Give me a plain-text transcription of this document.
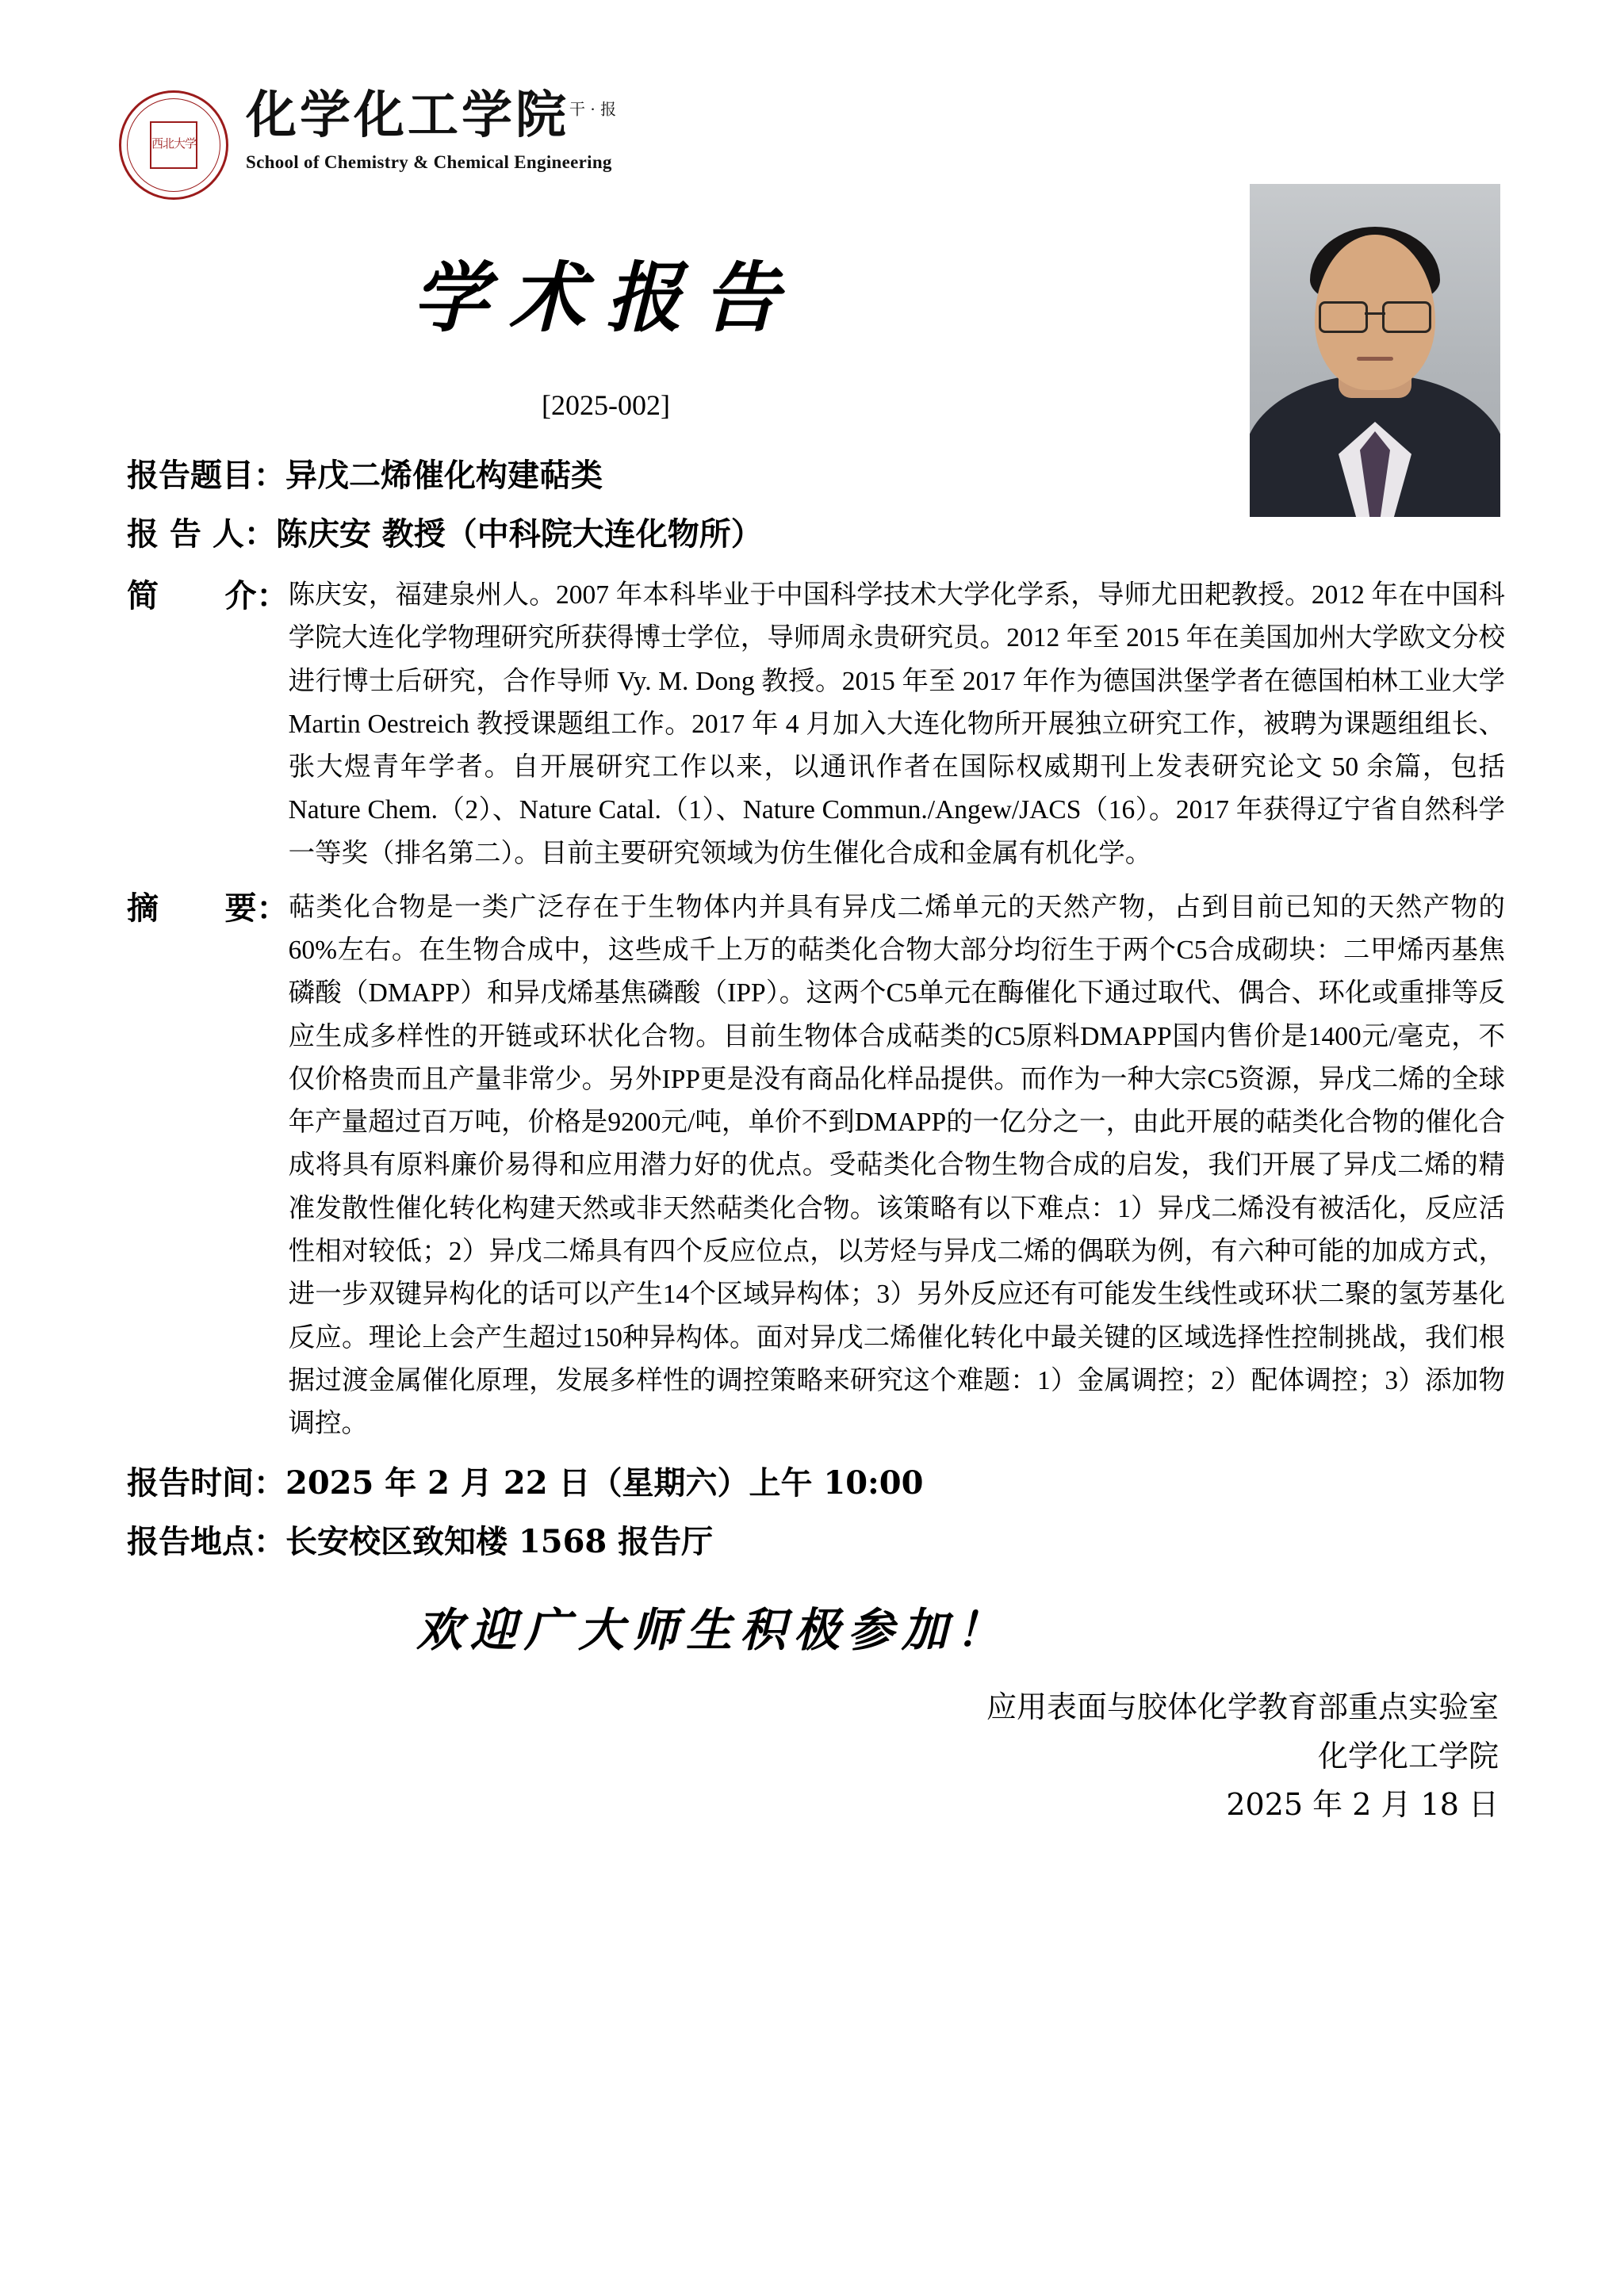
西北大学 化学化工学院$^{干 \cdot 报}$
School of Chemistry & Chemical Engineering
学术报告
[2025-002]
报告题目： 异戊二烯催化构建萜类
报 告 人： 陈庆安 教授 （中科院大连化物所）
简      介： 陈庆安，福建泉州人。2007 年本科毕业于中国科学技术大学化学系，导师尤田耙教授。2012 年在中国科学院大连化学物理研究所获得博士学位，导师周永贵研究员。2012 年至 2015 年在美国加州大学欧文分校进行博士后研究，合作导师 Vy. M. Dong 教授。2015 年至 2017 年作为德国洪堡学者在德国柏林工业大学 Martin Oestreich 教授课题组工作。2017 年 4 月加入大连化物所开展独立研究工作，被聘为课题组组长、张大煜青年学者。自开展研究工作以来，以通讯作者在国际权威期刊上发表研究论文 50 余篇，包括 Nature Chem.（2）、Nature Catal.（1）、Nature Commun./Angew/JACS（16）。2017 年获得辽宁省自然科学一等奖（排名第二）。目前主要研究领域为仿生催化合成和金属有机化学。
摘      要： 萜类化合物是一类广泛存在于生物体内并具有异戊二烯单元的天然产物，占到目前已知的天然产物的60%左右。在生物合成中，这些成千上万的萜类化合物大部分均衍生于两个C5合成砌块：二甲烯丙基焦磷酸（DMAPP）和异戊烯基焦磷酸（IPP）。这两个C5单元在酶催化下通过取代、偶合、环化或重排等反应生成多样性的开链或环状化合物。目前生物体合成萜类的C5原料DMAPP国内售价是1400元/毫克，不仅价格贵而且产量非常少。另外IPP更是没有商品化样品提供。而作为一种大宗C5资源，异戊二烯的全球年产量超过百万吨，价格是9200元/吨，单价不到DMAPP的一亿分之一，由此开展的萜类化合物的催化合成将具有原料廉价易得和应用潜力好的优点。受萜类化合物生物合成的启发，我们开展了异戊二烯的精准发散性催化转化构建天然或非天然萜类化合物。该策略有以下难点：1）异戊二烯没有被活化，反应活性相对较低；2）异戊二烯具有四个反应位点，以芳烃与异戊二烯的偶联为例，有六种可能的加成方式，进一步双键异构化的话可以产生14个区域异构体；3）另外反应还有可能发生线性或环状二聚的氢芳基化反应。理论上会产生超过150种异构体。面对异戊二烯催化转化中最关键的区域选择性控制挑战，我们根据过渡金属催化原理，发展多样性的调控策略来研究这个难题：1）金属调控；2）配体调控；3）添加物调控。
报告时间： 2025 年 2 月 22 日（星期六）上午 10:00
报告地点： 长安校区致知楼 1568 报告厅
欢迎广大师生积极参加！
应用表面与胶体化学教育部重点实验室
化学化工学院
2025 年 2 月 18 日
